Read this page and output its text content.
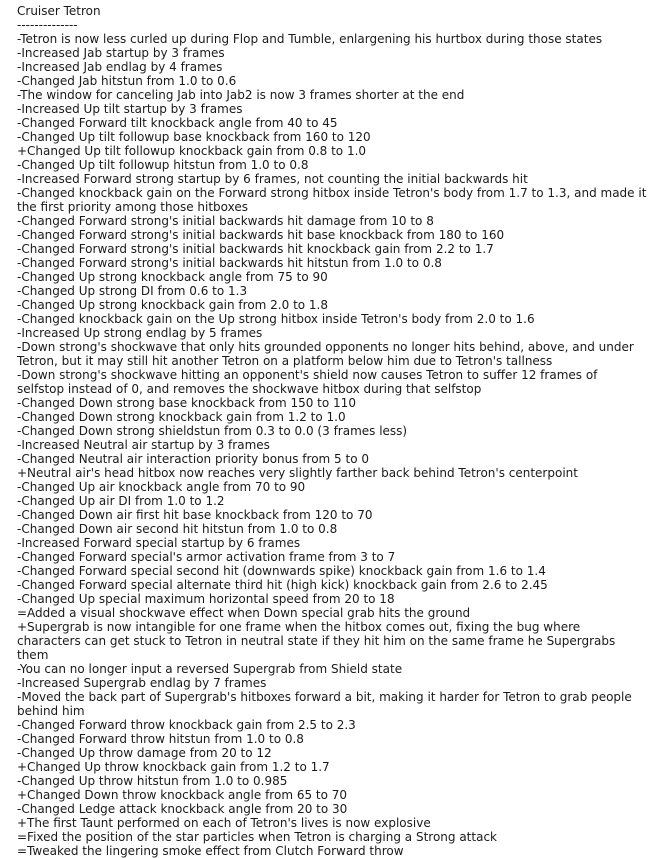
Cruiser Tetron
--------------
-Tetron is now less curled up during Flop and Tumble, enlargening his hurtbox during those states
-Increased Jab startup by 3 frames
-Increased Jab endlag by 4 frames
-Changed Jab hitstun from 1.0 to 0.6
-The window for canceling Jab into Jab2 is now 3 frames shorter at the end
-Increased Up tilt startup by 3 frames
-Changed Forward tilt knockback angle from 40 to 45
-Changed Up tilt followup base knockback from 160 to 120
+Changed Up tilt followup knockback gain from 0.8 to 1.0
-Changed Up tilt followup hitstun from 1.0 to 0.8
-Increased Forward strong startup by 6 frames, not counting the initial backwards hit
-Changed knockback gain on the Forward strong hitbox inside Tetron's body from 1.7 to 1.3, and made it the first priority among those hitboxes
-Changed Forward strong's initial backwards hit damage from 10 to 8
-Changed Forward strong's initial backwards hit base knockback from 180 to 160
-Changed Forward strong's initial backwards hit knockback gain from 2.2 to 1.7
-Changed Forward strong's initial backwards hit hitstun from 1.0 to 0.8
-Changed Up strong knockback angle from 75 to 90
-Changed Up strong DI from 0.6 to 1.3
-Changed Up strong knockback gain from 2.0 to 1.8
-Changed knockback gain on the Up strong hitbox inside Tetron's body from 2.0 to 1.6
-Increased Up strong endlag by 5 frames
-Down strong's shockwave that only hits grounded opponents no longer hits behind, above, and under Tetron, but it may still hit another Tetron on a platform below him due to Tetron's tallness
-Down strong's shockwave hitting an opponent's shield now causes Tetron to suffer 12 frames of selfstop instead of 0, and removes the shockwave hitbox during that selfstop
-Changed Down strong base knockback from 150 to 110
-Changed Down strong knockback gain from 1.2 to 1.0
-Changed Down strong shieldstun from 0.3 to 0.0 (3 frames less)
-Increased Neutral air startup by 3 frames
-Changed Neutral air interaction priority bonus from 5 to 0
+Neutral air's head hitbox now reaches very slightly farther back behind Tetron's centerpoint
-Changed Up air knockback angle from 70 to 90
-Changed Up air DI from 1.0 to 1.2
-Changed Down air first hit base knockback from 120 to 70
-Changed Down air second hit hitstun from 1.0 to 0.8
-Increased Forward special startup by 6 frames
-Changed Forward special's armor activation frame from 3 to 7
-Changed Forward special second hit (downwards spike) knockback gain from 1.6 to 1.4
-Changed Forward special alternate third hit (high kick) knockback gain from 2.6 to 2.45
-Changed Up special maximum horizontal speed from 20 to 18
=Added a visual shockwave effect when Down special grab hits the ground
+Supergrab is now intangible for one frame when the hitbox comes out, fixing the bug where characters can get stuck to Tetron in neutral state if they hit him on the same frame he Supergrabs them
-You can no longer input a reversed Supergrab from Shield state
-Increased Supergrab endlag by 7 frames
-Moved the back part of Supergrab's hitboxes forward a bit, making it harder for Tetron to grab people behind him
-Changed Forward throw knockback gain from 2.5 to 2.3
-Changed Forward throw hitstun from 1.0 to 0.8
-Changed Up throw damage from 20 to 12
+Changed Up throw knockback gain from 1.2 to 1.7
-Changed Up throw hitstun from 1.0 to 0.985
+Changed Down throw knockback angle from 65 to 70
-Changed Ledge attack knockback angle from 20 to 30
+The first Taunt performed on each of Tetron's lives is now explosive
=Fixed the position of the star particles when Tetron is charging a Strong attack
=Tweaked the lingering smoke effect from Clutch Forward throw
